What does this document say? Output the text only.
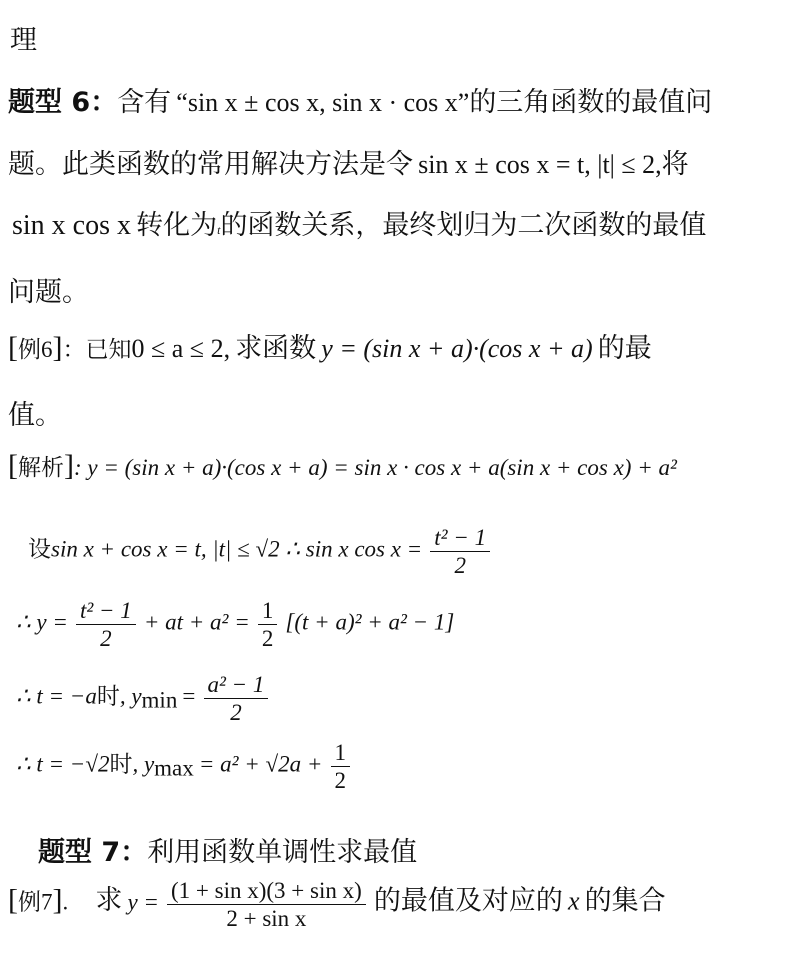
理
题型 6：含有 “sin x ± cos x, sin x · cos x”的三角函数的最值问
题。此类函数的常用解决方法是令 sin x ± cos x = t, |t| ≤ 2,将
sin x cos x 转化为t的函数关系，最终划归为二次函数的最值
问题。
[例6]：已知0 ≤ a ≤ 2, 求函数 y = (sin x + a)·(cos x + a) 的最
值。
[解析]: y = (sin x + a)·(cos x + a) = sin x · cos x + a(sin x + cos x) + a²
设sin x + cos x = t, |t| ≤ √2 ∴ sin x $\cos x = \frac{\text{t² − 1}}{2}$
∴ $y = \frac{\text{t² − 1}}{2}$ + at + $a^2 = \frac{1}{2} [(t + a)^2 + a^2 - 1]$
∴ t = −a时, $y_{min} = \frac{\text{a² − 1}}{2}$
∴ t = −√2时, $y_{max} = a^2 + √2a + \frac{1}{2}$
题型 7：利用函数单调性求最值
[例7]. 求 $y = \frac{\text{(1 + sin x)(3 + sin x)}}{\text{2 + sin x}}$ 的最值及对应的 x 的集合
